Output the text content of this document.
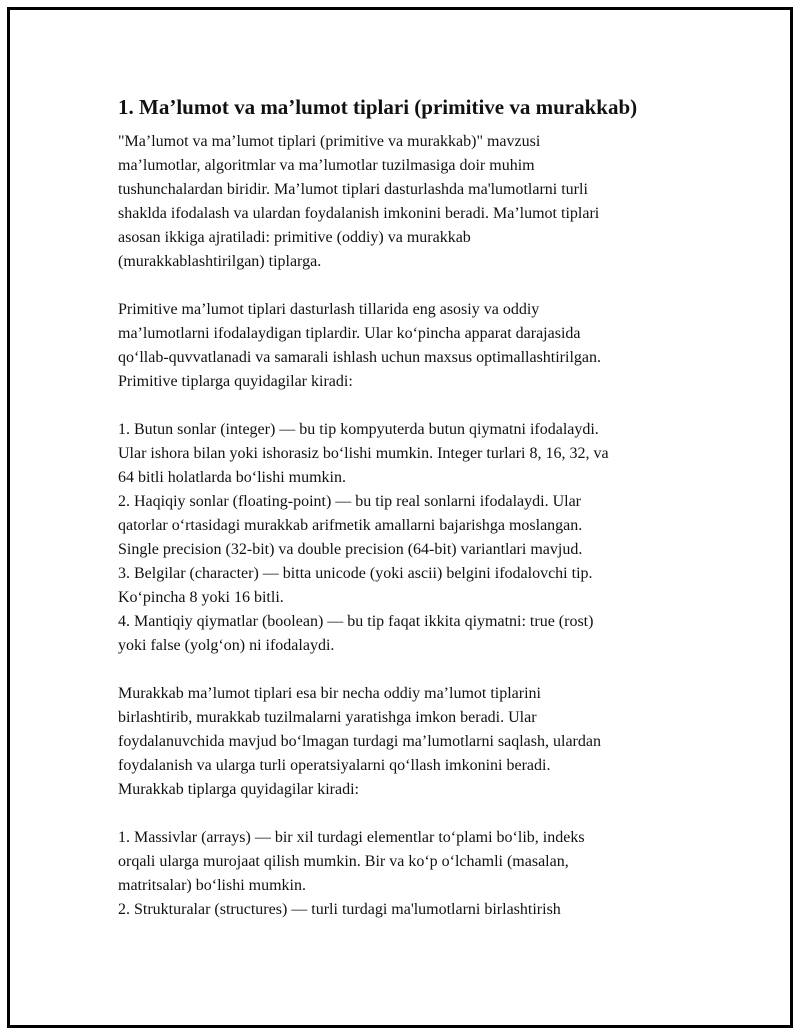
1. Ma’lumot va ma’lumot tiplari (primitive va murakkab)
"Ma’lumot va ma’lumot tiplari (primitive va murakkab)" mavzusi
ma’lumotlar, algoritmlar va ma’lumotlar tuzilmasiga doir muhim
tushunchalardan biridir. Ma’lumot tiplari dasturlashda ma'lumotlarni turli
shaklda ifodalash va ulardan foydalanish imkonini beradi. Ma’lumot tiplari
asosan ikkiga ajratiladi: primitive (oddiy) va murakkab
(murakkablashtirilgan) tiplarga.
Primitive ma’lumot tiplari dasturlash tillarida eng asosiy va oddiy
ma’lumotlarni ifodalaydigan tiplardir. Ular ko‘pincha apparat darajasida
qo‘llab-quvvatlanadi va samarali ishlash uchun maxsus optimallashtirilgan.
Primitive tiplarga quyidagilar kiradi:
1. Butun sonlar (integer) — bu tip kompyuterda butun qiymatni ifodalaydi.
Ular ishora bilan yoki ishorasiz bo‘lishi mumkin. Integer turlari 8, 16, 32, va
64 bitli holatlarda bo‘lishi mumkin.
2. Haqiqiy sonlar (floating-point) — bu tip real sonlarni ifodalaydi. Ular
qatorlar o‘rtasidagi murakkab arifmetik amallarni bajarishga moslangan.
Single precision (32-bit) va double precision (64-bit) variantlari mavjud.
3. Belgilar (character) — bitta unicode (yoki ascii) belgini ifodalovchi tip.
Ko‘pincha 8 yoki 16 bitli.
4. Mantiqiy qiymatlar (boolean) — bu tip faqat ikkita qiymatni: true (rost)
yoki false (yolg‘on) ni ifodalaydi.
Murakkab ma’lumot tiplari esa bir necha oddiy ma’lumot tiplarini
birlashtirib, murakkab tuzilmalarni yaratishga imkon beradi. Ular
foydalanuvchida mavjud bo‘lmagan turdagi ma’lumotlarni saqlash, ulardan
foydalanish va ularga turli operatsiyalarni qo‘llash imkonini beradi.
Murakkab tiplarga quyidagilar kiradi:
1. Massivlar (arrays) — bir xil turdagi elementlar to‘plami bo‘lib, indeks
orqali ularga murojaat qilish mumkin. Bir va ko‘p o‘lchamli (masalan,
matritsalar) bo‘lishi mumkin.
2. Strukturalar (structures) — turli turdagi ma'lumotlarni birlashtirish
